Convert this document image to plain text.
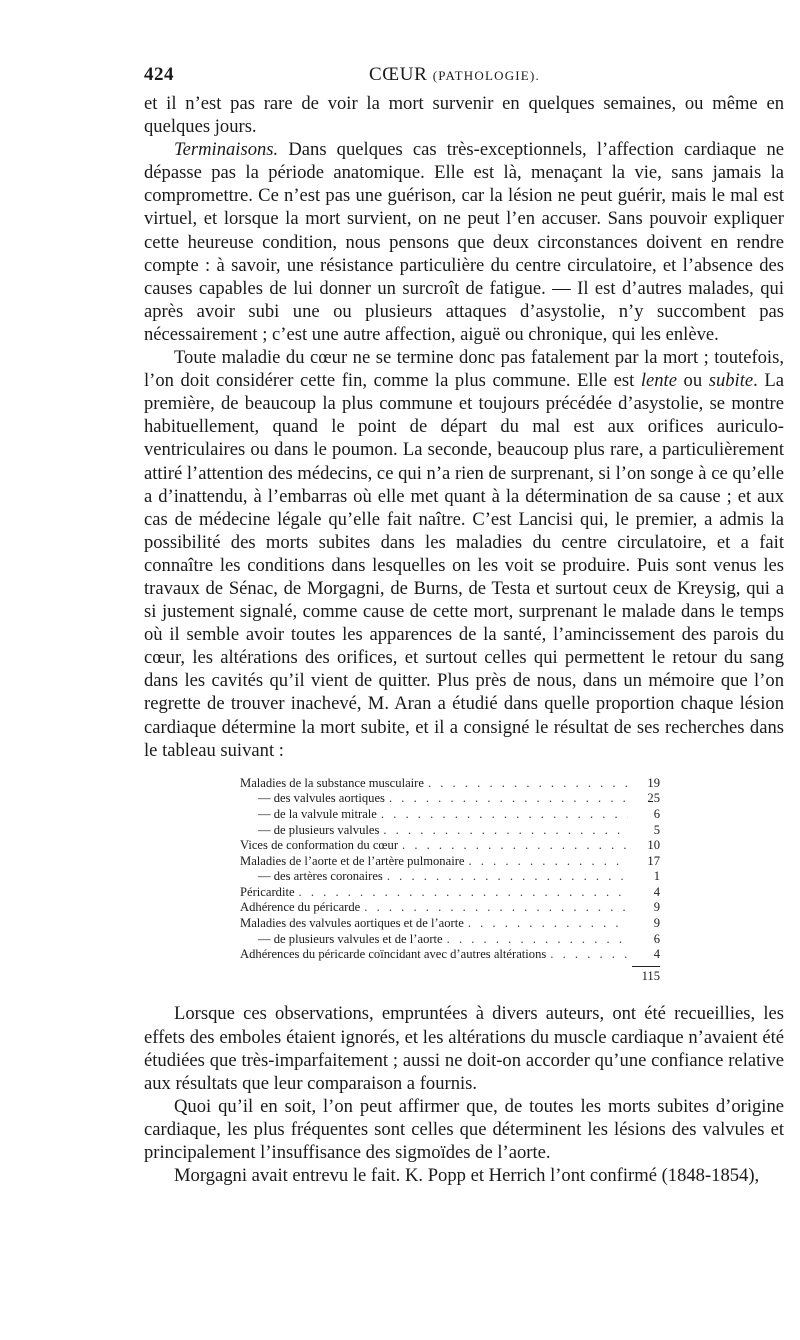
424	CŒUR (PATHOLOGIE).

et il n’est pas rare de voir la mort survenir en quelques semaines, ou même en quelques jours.

Terminaisons. Dans quelques cas très-exceptionnels, l’affection cardiaque ne dépasse pas la période anatomique. Elle est là, menaçant la vie, sans jamais la compromettre. Ce n’est pas une guérison, car la lésion ne peut guérir, mais le mal est virtuel, et lorsque la mort survient, on ne peut l’en accuser. Sans pouvoir expliquer cette heureuse condition, nous pensons que deux circonstances doivent en rendre compte : à savoir, une résistance particulière du centre circulatoire, et l’absence des causes capables de lui donner un surcroît de fatigue. — Il est d’autres malades, qui après avoir subi une ou plusieurs attaques d’asystolie, n’y succombent pas nécessairement ; c’est une autre affection, aiguë ou chronique, qui les enlève.

Toute maladie du cœur ne se termine donc pas fatalement par la mort ; toutefois, l’on doit considérer cette fin, comme la plus commune. Elle est lente ou subite. La première, de beaucoup la plus commune et toujours précédée d’asystolie, se montre habituellement, quand le point de départ du mal est aux orifices auriculo-ventriculaires ou dans le poumon. La seconde, beaucoup plus rare, a particulièrement attiré l’attention des médecins, ce qui n’a rien de surprenant, si l’on songe à ce qu’elle a d’inattendu, à l’embarras où elle met quant à la détermination de sa cause ; et aux cas de médecine légale qu’elle fait naître. C’est Lancisi qui, le premier, a admis la possibilité des morts subites dans les maladies du centre circulatoire, et a fait connaître les conditions dans lesquelles on les voit se produire. Puis sont venus les travaux de Sénac, de Morgagni, de Burns, de Testa et surtout ceux de Kreysig, qui a si justement signalé, comme cause de cette mort, surprenant le malade dans le temps où il semble avoir toutes les apparences de la santé, l’amincissement des parois du cœur, les altérations des orifices, et surtout celles qui permettent le retour du sang dans les cavités qu’il vient de quitter. Plus près de nous, dans un mémoire que l’on regrette de trouver inachevé, M. Aran a étudié dans quelle proportion chaque lésion cardiaque détermine la mort subite, et il a consigné le résultat de ses recherches dans le tableau suivant :

Maladies de la substance musculaire . . .	19
— des valvules aortiques . . .	25
— de la valvule mitrale . . .	6
— de plusieurs valvules . . .	5
Vices de conformation du cœur . . .	10
Maladies de l’aorte et de l’artère pulmonaire . . .	17
— des artères coronaires . . .	1
Péricardite . . .	4
Adhérence du péricarde . . .	9
Maladies des valvules aortiques et de l’aorte . . .	9
— de plusieurs valvules et de l’aorte . . .	6
Adhérences du péricarde coïncidant avec d’autres altérations . . .	4
115

Lorsque ces observations, empruntées à divers auteurs, ont été recueillies, les effets des emboles étaient ignorés, et les altérations du muscle cardiaque n’avaient été étudiées que très-imparfaitement ; aussi ne doit-on accorder qu’une confiance relative aux résultats que leur comparaison a fournis.

Quoi qu’il en soit, l’on peut affirmer que, de toutes les morts subites d’origine cardiaque, les plus fréquentes sont celles que déterminent les lésions des valvules et principalement l’insuffisance des sigmoïdes de l’aorte.

Morgagni avait entrevu le fait. K. Popp et Herrich l’ont confirmé (1848-1854),
